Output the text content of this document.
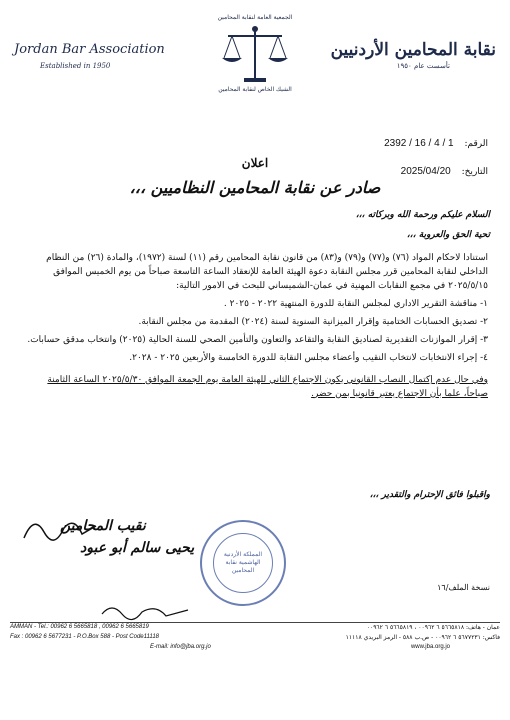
Jordan Bar Association
Established in 1950
الجمعية العامة لنقابة المحامين
الشيك الخاص لنقابة المحامين
نقابة المحامين الأردنيين
تأسست عام ١٩٥٠
الرقم: 2392 / 16 / 4 / 1
اعلان
التاريخ: 2025/04/20
صادر عن نقابة المحامين النظاميين ،،،
السلام عليكم ورحمة الله وبركاته ،،،
تحية الحق والعروبة ،،،

استنادا لاحكام المواد (٧٦) و(٧٧) و(٧٩) و(٨٣) من قانون نقابة المحامين رقم (١١) لسنة (١٩٧٢)، والمادة (٢٦) من النظام الداخلي لنقابة المحامين قرر مجلس النقابة دعوة الهيئة العامة للإنعقاد الساعة التاسعة صباحاً من يوم الخميس الموافق ٢٠٢٥/٥/١٥ في مجمع النقابات المهنية في عمان-الشميساني للبحث في الامور التالية:

١- مناقشة التقرير الاداري لمجلس النقابة للدورة المنتهية ٢٠٢٢ - ٢٠٢٥ .

٢- تصديق الحسابات الختامية وإقرار الميزانية السنوية لسنة (٢٠٢٤) المقدمة من مجلس النقابة.

٣- إقرار الموازنات التقديرية لصناديق النقابة والتقاعد والتعاون والتأمين الصحي للسنة الحالية (٢٠٢٥) وانتخاب مدقق حسابات.

٤- إجراء الانتخابات لانتخاب النقيب وأعضاء مجلس النقابة للدورة الخامسة والأربعين ٢٠٢٥ - ٢٠٢٨.

وفي حال عدم إكتمال النصاب القانوني يكون الاجتماع الثاني للهيئة العامة يوم الجمعة الموافق ٢٠٢٥/٥/٣٠ الساعة الثامنة صباحاً، علما بأن الاجتماع يعتبر قانونيا بمن حضر.

واقبلوا فائق الإحترام والتقدير ،،،
نقيب المحامين
يحيى سالم أبو عبود	المملكة الأردنية الهاشمية نقابة المحامين
نسخة الملف/١٦
AMMAN - Tel.: 00962 6 5665818 , 00962 6 5665819
Fax : 00962 6 5677231 - P.O.Box 588 - Post Code11118
E-mail: info@jba.org.jo
عمان - هاتف: ٥٦٦٥٨١٨ ٦ ٠٠٩٦٢ ، ٥٦٦٥٨١٩ ٦ ٠٠٩٦٢
فاكس: ٥٦٧٧٢٣١ ٦ ٠٠٩٦٢ - ص.ب ٥٨٨ - الرمز البريدي ١١١١٨
www.jba.org.jo
